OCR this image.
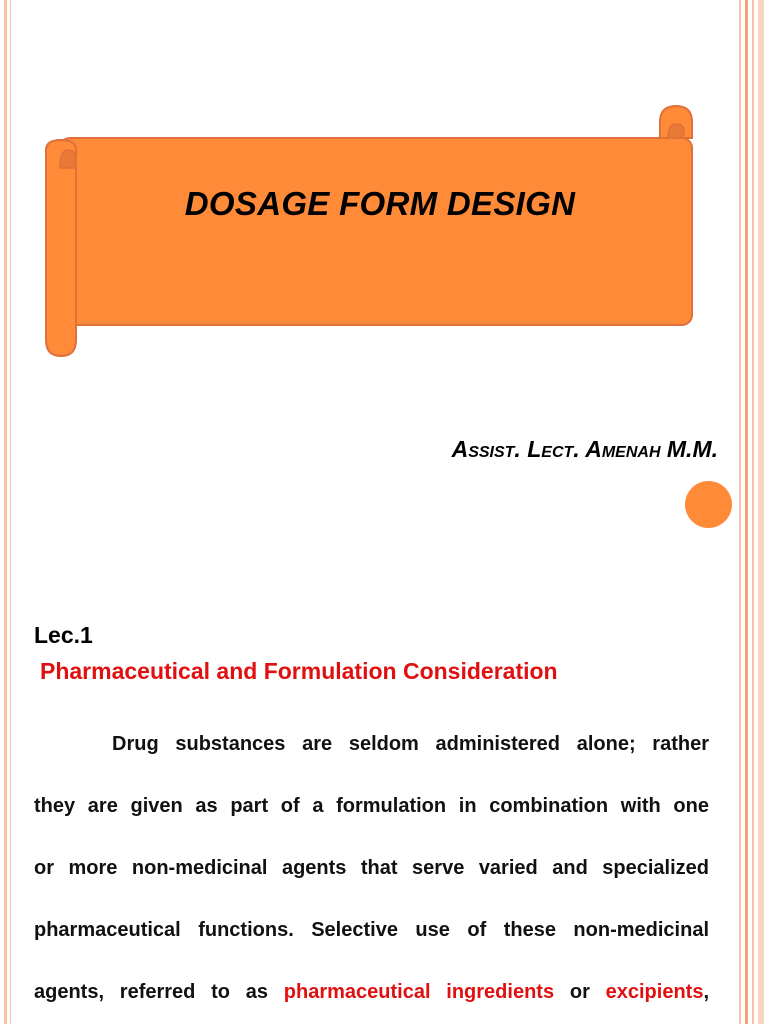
DOSAGE FORM DESIGN
Assist. Lect. Amenah M.M.
Lec.1
Pharmaceutical and Formulation Consideration
Drug substances are seldom administered alone; rather
they are given as part of a formulation in combination with one
or more non-medicinal agents that serve varied and specialized
pharmaceutical functions. Selective use of these non-medicinal
agents, referred to as pharmaceutical ingredients or excipients,
